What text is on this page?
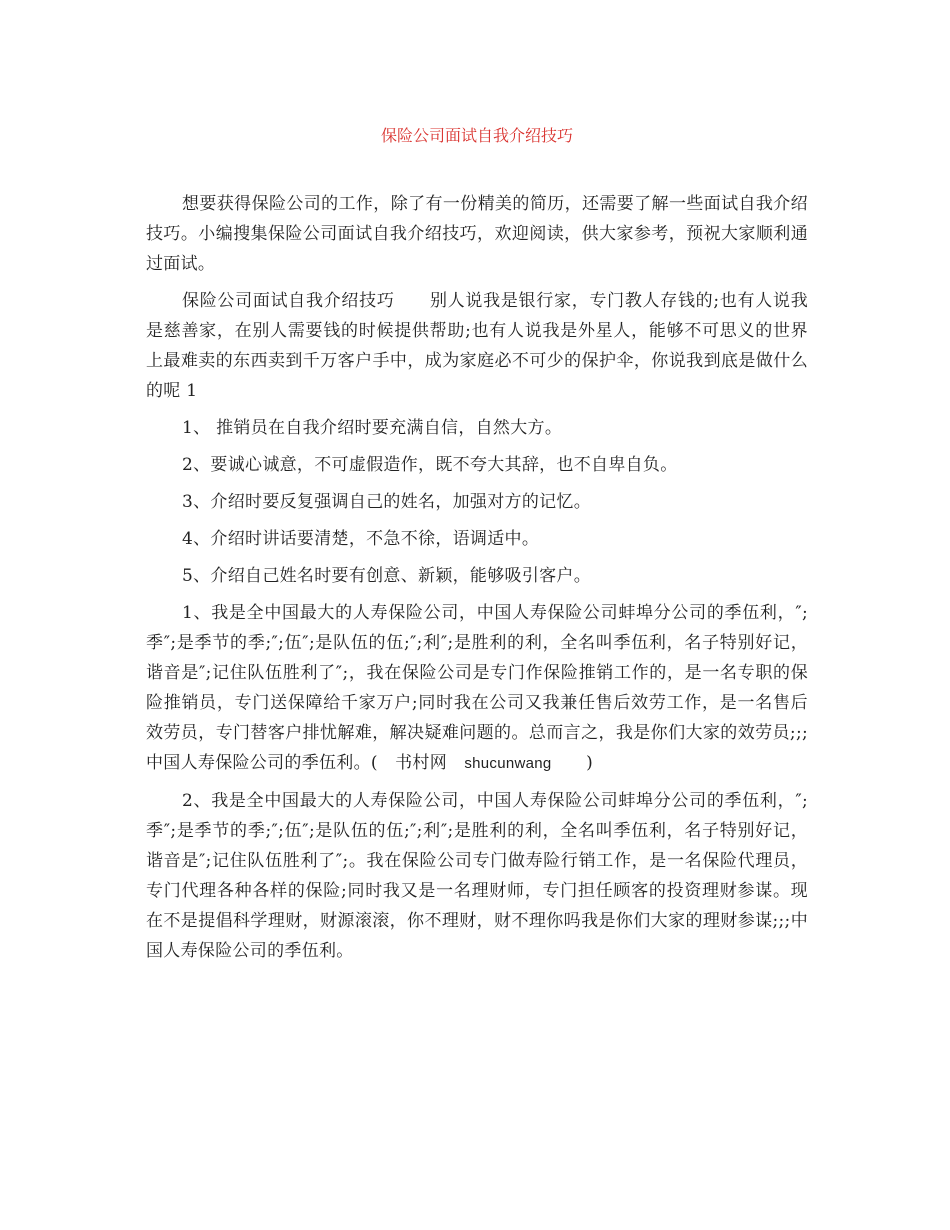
保险公司面试自我介绍技巧

想要获得保险公司的工作，除了有一份精美的简历，还需要了解一些面试自我介绍技巧。小编搜集保险公司面试自我介绍技巧，欢迎阅读，供大家参考，预祝大家顺利通过面试。

保险公司面试自我介绍技巧　　别人说我是银行家，专门教人存钱的;也有人说我是慈善家，在别人需要钱的时候提供帮助;也有人说我是外星人，能够不可思义的世界上最难卖的东西卖到千万客户手中，成为家庭必不可少的保护伞，你说我到底是做什么的呢 1

1、 推销员在自我介绍时要充满自信，自然大方。

2、要诚心诚意，不可虚假造作，既不夸大其辞，也不自卑自负。

3、介绍时要反复强调自己的姓名，加强对方的记忆。

4、介绍时讲话要清楚，不急不徐，语调适中。

5、介绍自己姓名时要有创意、新颖，能够吸引客户。

1、我是全中国最大的人寿保险公司，中国人寿保险公司蚌埠分公司的季伍利，″;季″;是季节的季;″;伍″;是队伍的伍;″;利″;是胜利的利，全名叫季伍利，名子特别好记，谐音是″;记住队伍胜利了″;，我在保险公司是专门作保险推销工作的，是一名专职的保险推销员，专门送保障给千家万户;同时我在公司又我兼任售后效劳工作，是一名售后效劳员，专门替客户排忧解难，解决疑难问题的。总而言之，我是你们大家的效劳员;;;中国人寿保险公司的季伍利。(　书村网　shucunwang　　)

2、我是全中国最大的人寿保险公司，中国人寿保险公司蚌埠分公司的季伍利，″;季″;是季节的季;″;伍″;是队伍的伍;″;利″;是胜利的利，全名叫季伍利，名子特别好记，谐音是″;记住队伍胜利了″;。我在保险公司专门做寿险行销工作，是一名保险代理员，专门代理各种各样的保险;同时我又是一名理财师，专门担任顾客的投资理财参谋。现在不是提倡科学理财，财源滚滚，你不理财，财不理你吗我是你们大家的理财参谋;;;中国人寿保险公司的季伍利。
